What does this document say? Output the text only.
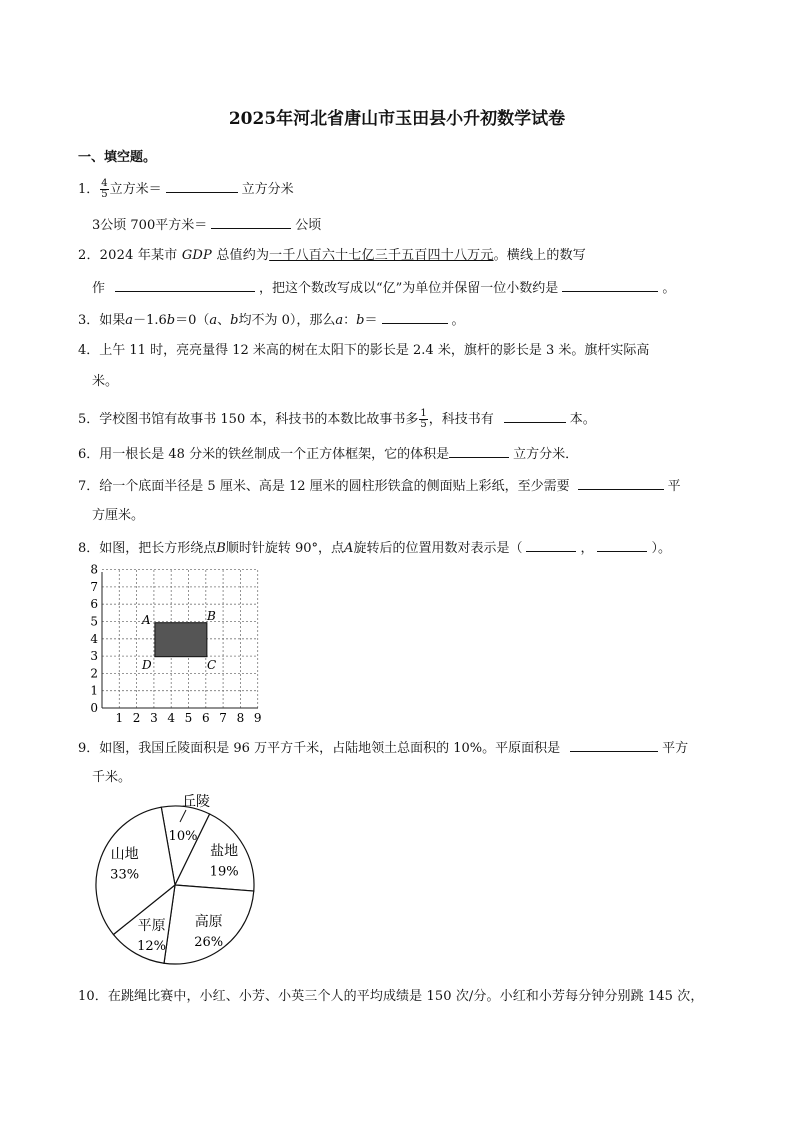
2025年河北省唐山市玉田县小升初数学试卷
一、填空题。
1． $\frac{4}{5}$ 立方米＝	立方分米
3公顷 700平方米＝	公顷
2．2024 年某市 GDP 总值约为一千八百六十七亿三千五百四十八万元。横线上的数写
作	，把这个数改写成以“亿”为单位并保留一位小数约是	。
3．如果a－1.6b＝0（a、b均不为 0），那么a：b＝	。
4．上午 11 时，亮亮量得 12 米高的树在太阳下的影长是 2.4 米，旗杆的影长是 3 米。旗杆实际高
米。
5．学校图书馆有故事书 150 本，科技书的本数比故事书多 $\frac{1}{5}$ ，科技书有	本。
6．用一根长是 48 分米的铁丝制成一个正方体框架，它的体积是	立方分米．
7．给一个底面半径是 5 厘米、高是 12 厘米的圆柱形铁盒的侧面贴上彩纸，至少需要	平
方厘米。
8．如图，把长方形绕点B顺时针旋转 90°，点A旋转后的位置用数对表示是（	，	）。
1 2 3 4 5 6 7 8 9
0
1
2
3
4
5
6
7
8
A	B
C
D
9．如图，我国丘陵面积是 96 万平方千米，占陆地领土总面积的 10%。平原面积是	平方
千米。
丘陵
10%
盐地
19%
高原
26%
平原
12%
山地
33%
10．在跳绳比赛中，小红、小芳、小英三个人的平均成绩是 150 次/分。小红和小芳每分钟分别跳 145 次，
